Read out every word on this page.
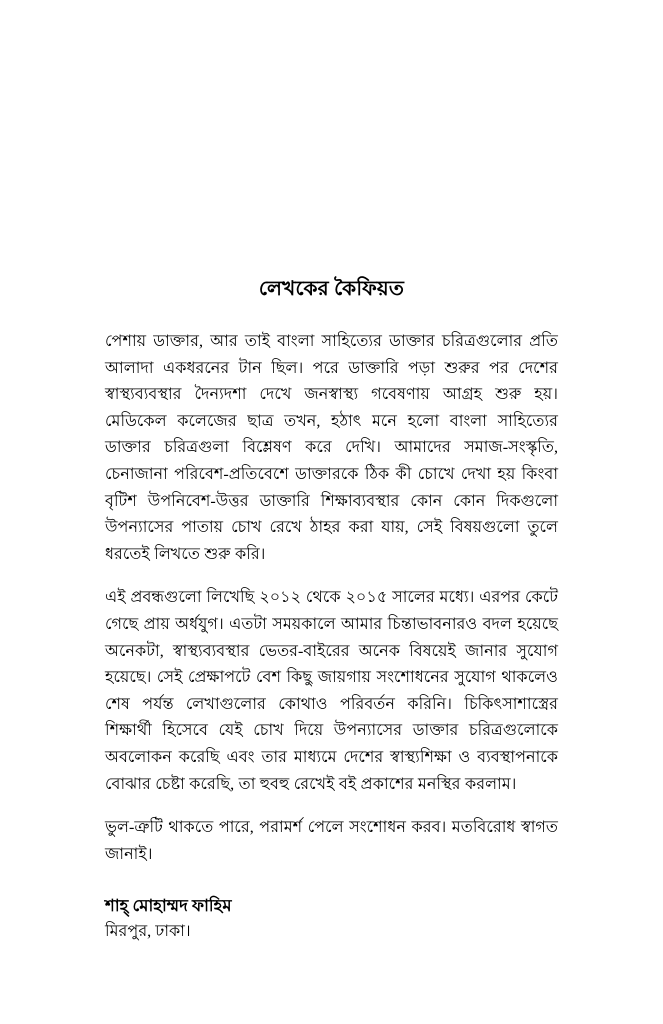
লেখকের কৈফিয়ত

পেশায় ডাক্তার, আর তাই বাংলা সাহিত্যের ডাক্তার চরিত্রগুলোর প্রতি আলাদা একধরনের টান ছিল। পরে ডাক্তারি পড়া শুরুর পর দেশের স্বাস্থ্যব্যবস্থার দৈন্যদশা দেখে জনস্বাস্থ্য গবেষণায় আগ্রহ শুরু হয়। মেডিকেল কলেজের ছাত্র তখন, হঠাৎ মনে হলো বাংলা সাহিত্যের ডাক্তার চরিত্রগুলা বিশ্লেষণ করে দেখি। আমাদের সমাজ-সংস্কৃতি, চেনাজানা পরিবেশ-প্রতিবেশে ডাক্তারকে ঠিক কী চোখে দেখা হয় কিংবা বৃটিশ উপনিবেশ-উত্তর ডাক্তারি শিক্ষাব্যবস্থার কোন কোন দিকগুলো উপন্যাসের পাতায় চোখ রেখে ঠাহর করা যায়, সেই বিষয়গুলো তুলে ধরতেই লিখতে শুরু করি।

এই প্রবন্ধগুলো লিখেছি ২০১২ থেকে ২০১৫ সালের মধ্যে। এরপর কেটে গেছে প্রায় অর্ধযুগ। এতটা সময়কালে আমার চিন্তাভাবনারও বদল হয়েছে অনেকটা, স্বাস্থ্যব্যবস্থার ভেতর-বাইরের অনেক বিষয়েই জানার সুযোগ হয়েছে। সেই প্রেক্ষাপটে বেশ কিছু জায়গায় সংশোধনের সুযোগ থাকলেও শেষ পর্যন্ত লেখাগুলোর কোথাও পরিবর্তন করিনি। চিকিৎসাশাস্ত্রের শিক্ষার্থী হিসেবে যেই চোখ দিয়ে উপন্যাসের ডাক্তার চরিত্রগুলোকে অবলোকন করেছি এবং তার মাধ্যমে দেশের স্বাস্থ্যশিক্ষা ও ব্যবস্থাপনাকে বোঝার চেষ্টা করেছি, তা হুবহু রেখেই বই প্রকাশের মনস্থির করলাম।

ভুল-ত্রুটি থাকতে পারে, পরামর্শ পেলে সংশোধন করব। মতবিরোধ স্বাগত জানাই।

শাহ্ মোহাম্মদ ফাহিম

মিরপুর, ঢাকা।
